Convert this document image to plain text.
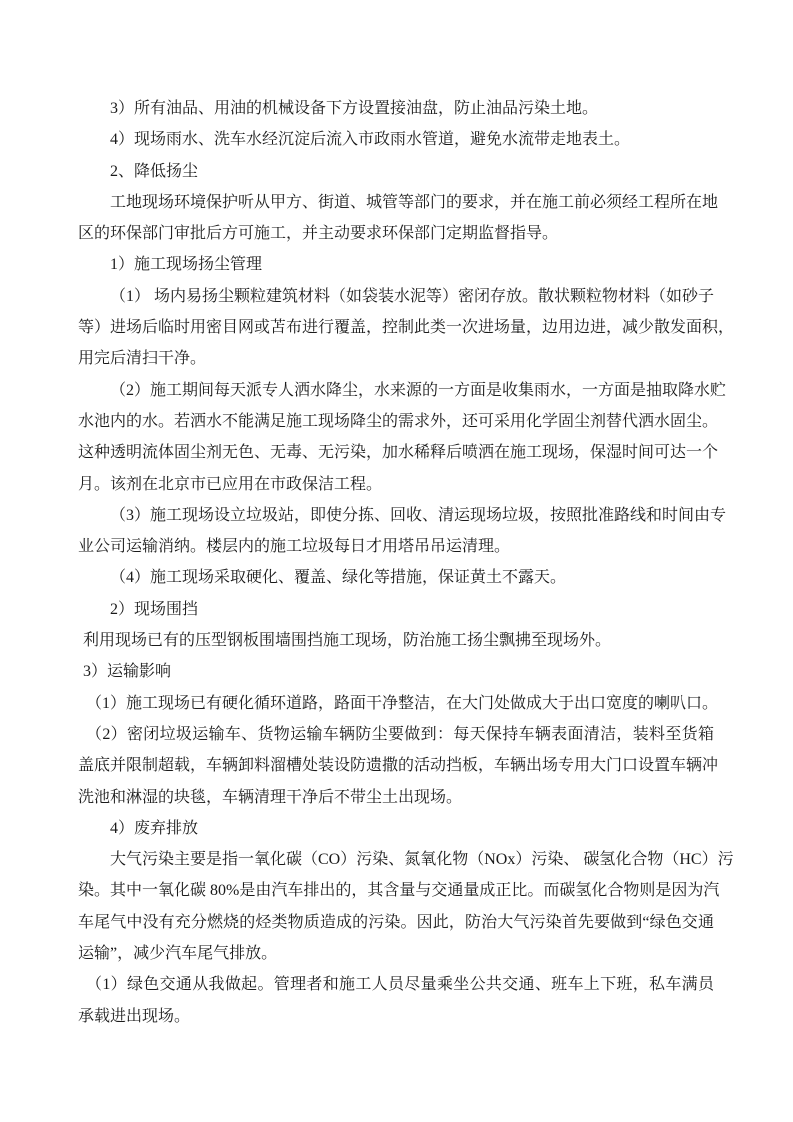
3）所有油品、用油的机械设备下方设置接油盘，防止油品污染土地。
4）现场雨水、洗车水经沉淀后流入市政雨水管道，避免水流带走地表土。
2、降低扬尘
工地现场环境保护听从甲方、街道、城管等部门的要求，并在施工前必须经工程所在地
区的环保部门审批后方可施工，并主动要求环保部门定期监督指导。
1）施工现场扬尘管理
（1） 场内易扬尘颗粒建筑材料（如袋装水泥等）密闭存放。散状颗粒物材料（如砂子
等）进场后临时用密目网或苫布进行覆盖，控制此类一次进场量，边用边进，减少散发面积，
用完后清扫干净。
（2）施工期间每天派专人洒水降尘，水来源的一方面是收集雨水，一方面是抽取降水贮
水池内的水。若洒水不能满足施工现场降尘的需求外，还可采用化学固尘剂替代洒水固尘。
这种透明流体固尘剂无色、无毒、无污染，加水稀释后喷洒在施工现场，保湿时间可达一个
月。该剂在北京市已应用在市政保洁工程。
（3）施工现场设立垃圾站，即使分拣、回收、清运现场垃圾，按照批准路线和时间由专
业公司运输消纳。楼层内的施工垃圾每日才用塔吊吊运清理。
（4）施工现场采取硬化、覆盖、绿化等措施，保证黄土不露天。
2）现场围挡
利用现场已有的压型钢板围墙围挡施工现场，防治施工扬尘飘拂至现场外。
3）运输影响
（1）施工现场已有硬化循环道路，路面干净整洁，在大门处做成大于出口宽度的喇叭口。
（2）密闭垃圾运输车、货物运输车辆防尘要做到：每天保持车辆表面清洁，装料至货箱
盖底并限制超载，车辆卸料溜槽处装设防遗撒的活动挡板，车辆出场专用大门口设置车辆冲
洗池和淋湿的块毯，车辆清理干净后不带尘土出现场。
4）废弃排放
大气污染主要是指一氧化碳（CO）污染、氮氧化物（NOx）污染、 碳氢化合物（HC）污
染。其中一氧化碳 80%是由汽车排出的，其含量与交通量成正比。而碳氢化合物则是因为汽
车尾气中没有充分燃烧的烃类物质造成的污染。因此，防治大气污染首先要做到“绿色交通
运输”，减少汽车尾气排放。
（1）绿色交通从我做起。管理者和施工人员尽量乘坐公共交通、班车上下班，私车满员
承载进出现场。
